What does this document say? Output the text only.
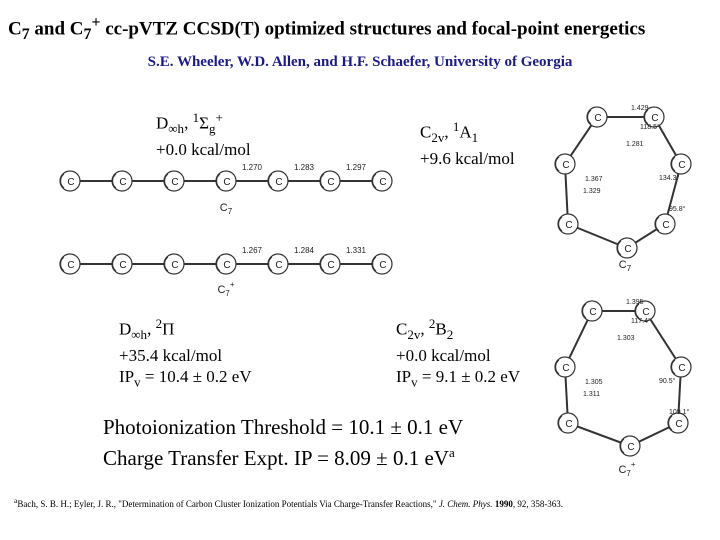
$C_7$ and $C_7^+$ cc-pVTZ CCSD(T) optimized structures and focal-point energetics
S.E. Wheeler, W.D. Allen, and H.F. Schaefer, University of Georgia
$D_{\infty h}$, $^1\Sigma_g^+$
+0.0 kcal/mol
$C_{2v}$, $^1A_1$
+9.6 kcal/mol
$D_{\infty h}$, $^2$Π
+35.4 kcal/mol
$IP_v = 10.4 \pm 0.2$ eV
$C_{2v}$, $^2B_2$
+0.0 kcal/mol
$IP_v = 9.1 \pm 0.2$ eV
C	C	C	C	C	C	C
1.270	1.283	1.297
$C_7$
C	C	C	C	C	C	C
1.267	1.284	1.331
$C_7^+$
C	C
C
C
C
C
C
1.429
118.5°
1.281
134.3°
1.367
95.8°
1.329
$C_7$
C	C
C
C
C
C
C
1.395
117.4°
1.303
90.5°
1.305
109.1°
1.311
$C_7^+$
Photoionization Threshold = 10.1 ± 0.1 eV
Charge Transfer Expt. IP = 8.09 ± 0.1 $eV^a$
$^a$Bach, S. B. H.; Eyler, J. R., "Determination of Carbon Cluster Ionization Potentials Via Charge-Transfer Reactions," J. Chem. Phys. 1990, 92, 358-363.
